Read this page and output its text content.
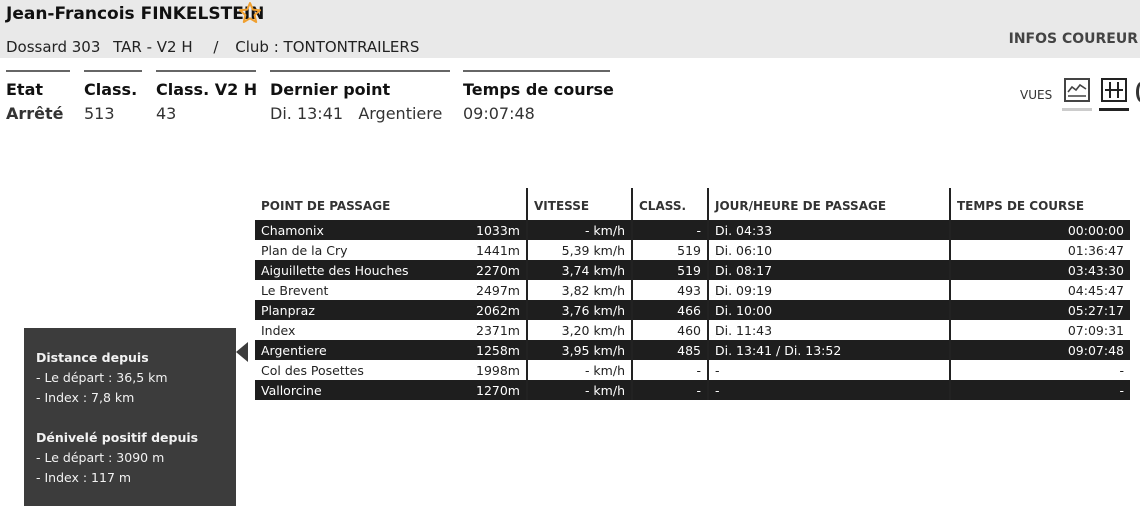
Jean-Francois FINKELSTEIN
Dossard 303 TAR - V2 H / Club : TONTONTRAILERS	INFOS COUREUR
Etat
Arrêté
Class.
513
Class. V2 H
43
Dernier point
Di. 13:41 Argentiere
Temps de course
09:07:48
VUES
POINT DE PASSAGE	VITESSE	CLASS.	JOUR/HEURE DE PASSAGE	TEMPS DE COURSE
Chamonix 1033m	- km/h	-	Di. 04:33	00:00:00
Plan de la Cry 1441m	5,39 km/h	519	Di. 06:10	01:36:47
Aiguillette des Houches 2270m	3,74 km/h	519	Di. 08:17	03:43:30
Le Brevent 2497m	3,82 km/h	493	Di. 09:19	04:45:47
Planpraz 2062m	3,76 km/h	466	Di. 10:00	05:27:17
Index 2371m	3,20 km/h	460	Di. 11:43	07:09:31
Argentiere 1258m	3,95 km/h	485	Di. 13:41 / Di. 13:52	09:07:48
Col des Posettes 1998m	- km/h	-	-	-
Vallorcine 1270m	- km/h	-	-	-
Distance depuis
- Le départ : 36,5 km
- Index : 7,8 km
Dénivelé positif depuis
- Le départ : 3090 m
- Index : 117 m
